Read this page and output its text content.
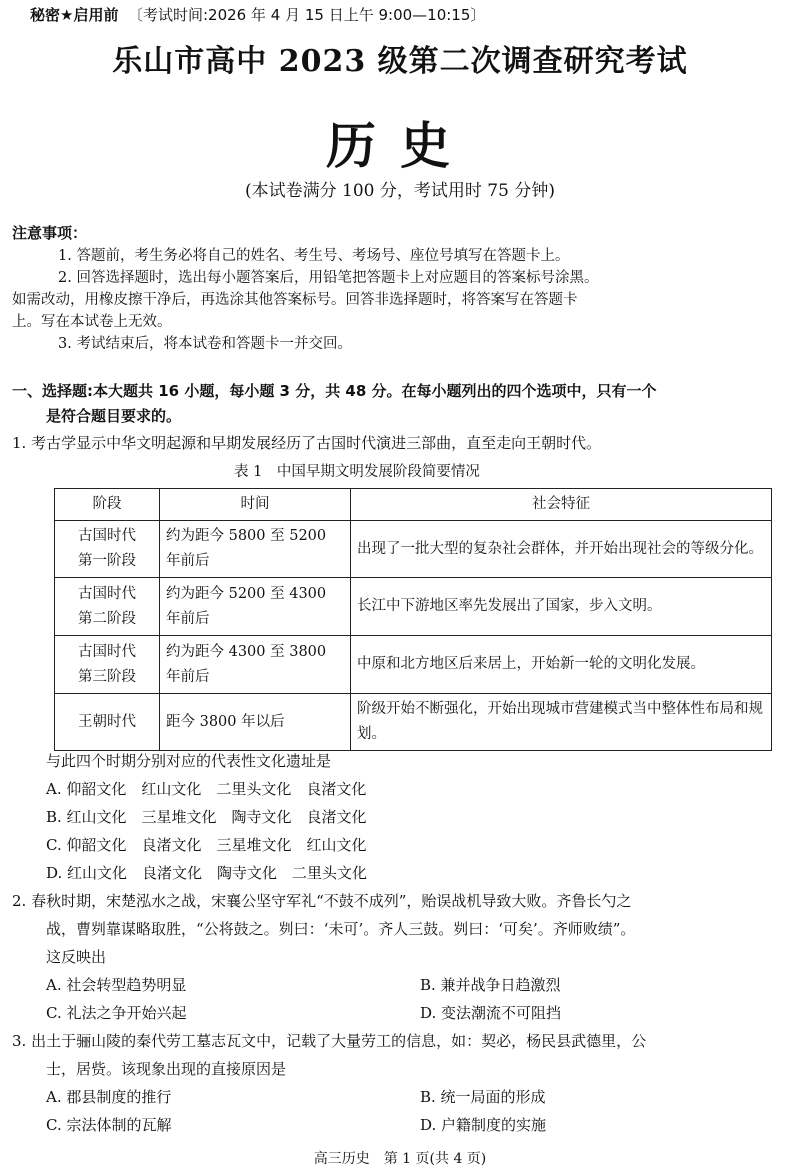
秘密★启用前 〔考试时间:2026 年 4 月 15 日上午 9:00—10:15〕
乐山市高中 2023 级第二次调查研究考试
历史
(本试卷满分 100 分，考试用时 75 分钟)
注意事项：
1. 答题前，考生务必将自己的姓名、考生号、考场号、座位号填写在答题卡上。
2. 回答选择题时，选出每小题答案后，用铅笔把答题卡上对应题目的答案标号涂黑。
如需改动，用橡皮擦干净后，再选涂其他答案标号。回答非选择题时，将答案写在答题卡
上。写在本试卷上无效。
3. 考试结束后，将本试卷和答题卡一并交回。
一、选择题:本大题共 16 小题，每小题 3 分，共 48 分。在每小题列出的四个选项中，只有一个
是符合题目要求的。
1. 考古学显示中华文明起源和早期发展经历了古国时代演进三部曲，直至走向王朝时代。
表 1　中国早期文明发展阶段简要情况
阶段	时间	社会特征
古国时代
第一阶段	约为距今 5800 至 5200 年前后	出现了一批大型的复杂社会群体，并开始出现社会的等级分化。
古国时代
第二阶段	约为距今 5200 至 4300 年前后	长江中下游地区率先发展出了国家，步入文明。
古国时代
第三阶段	约为距今 4300 至 3800 年前后	中原和北方地区后来居上，开始新一轮的文明化发展。
王朝时代	距今 3800 年以后	阶级开始不断强化，开始出现城市营建模式当中整体性布局和规划。
与此四个时期分别对应的代表性文化遗址是
A. 仰韶文化　红山文化　二里头文化　良渚文化
B. 红山文化　三星堆文化　陶寺文化　良渚文化
C. 仰韶文化　良渚文化　三星堆文化　红山文化
D. 红山文化　良渚文化　陶寺文化　二里头文化
2. 春秋时期，宋楚泓水之战，宋襄公坚守军礼“不鼓不成列”，贻误战机导致大败。齐鲁长勺之
战，曹刿靠谋略取胜，“公将鼓之。刿曰：‘未可’。齐人三鼓。刿曰：‘可矣’。齐师败绩”。
这反映出
A. 社会转型趋势明显	B. 兼并战争日趋激烈
C. 礼法之争开始兴起	D. 变法潮流不可阻挡
3. 出土于骊山陵的秦代劳工墓志瓦文中，记载了大量劳工的信息，如：契必，杨民县武德里，公
士，居赀。该现象出现的直接原因是
A. 郡县制度的推行	B. 统一局面的形成
C. 宗法体制的瓦解	D. 户籍制度的实施
高三历史　第 1 页(共 4 页)
